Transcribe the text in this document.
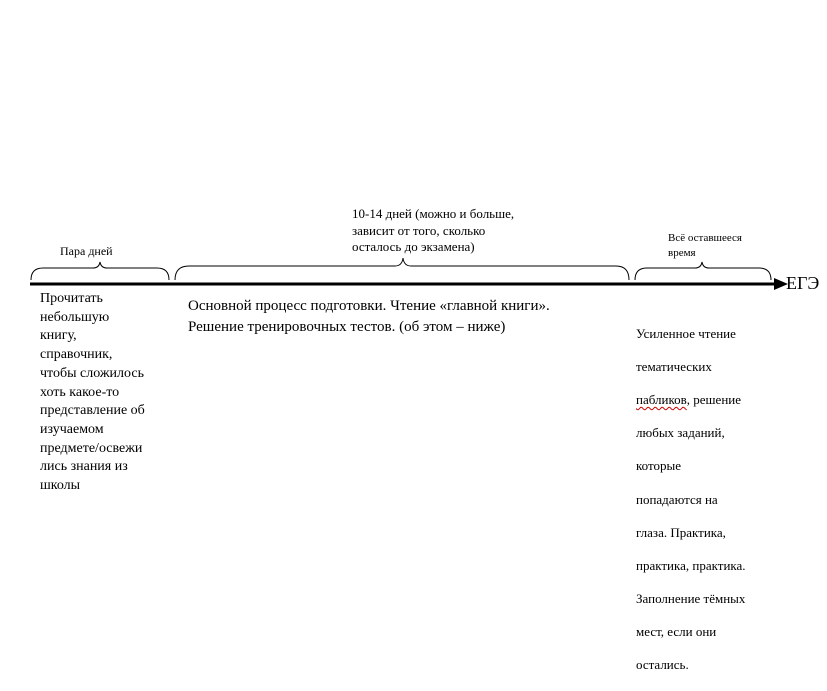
Пара дней
10-14 дней (можно и больше,
зависит от того, сколько
осталось до экзамена)
Всё оставшееся
время
ЕГЭ
Прочитать
небольшую
книгу,
справочник,
чтобы сложилось
хоть какое-то
представление об
изучаемом
предмете/освежи
лись знания из
школы
Основной процесс подготовки. Чтение «главной книги».
Решение тренировочных тестов. (об этом – ниже)	Усиленное чтение

тематических

пабликов, решение

любых заданий,

которые

попадаются на

глаза. Практика,

практика, практика.

Заполнение тёмных

мест, если они

остались.
